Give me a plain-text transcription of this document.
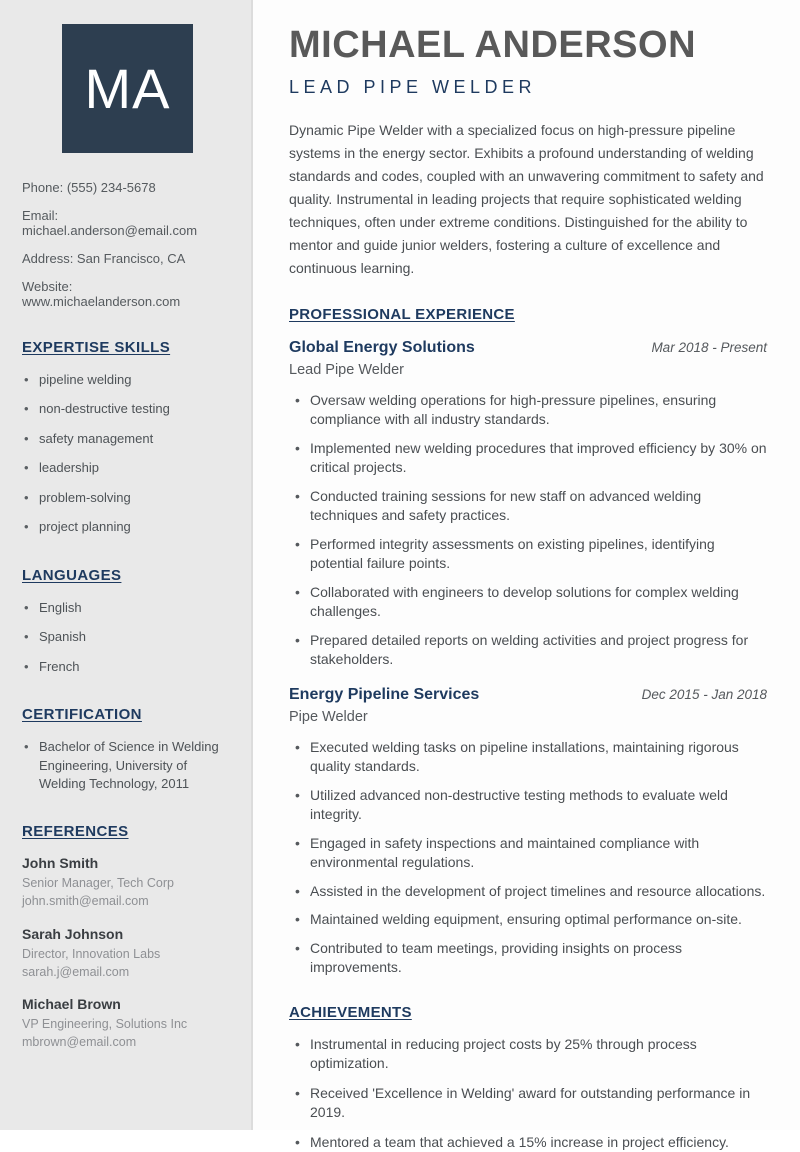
MA
Phone: (555) 234-5678
Email: michael.anderson@email.com
Address: San Francisco, CA
Website: www.michaelanderson.com
EXPERTISE SKILLS
• pipeline welding
• non-destructive testing
• safety management
• leadership
• problem-solving
• project planning
LANGUAGES
• English
• Spanish
• French
CERTIFICATION
• Bachelor of Science in Welding Engineering, University of Welding Technology, 2011
REFERENCES
John Smith
Senior Manager, Tech Corp
john.smith@email.com
Sarah Johnson
Director, Innovation Labs
sarah.j@email.com
Michael Brown
VP Engineering, Solutions Inc
mbrown@email.com
MICHAEL ANDERSON
LEAD PIPE WELDER

Dynamic Pipe Welder with a specialized focus on high-pressure pipeline systems in the energy sector. Exhibits a profound understanding of welding standards and codes, coupled with an unwavering commitment to safety and quality. Instrumental in leading projects that require sophisticated welding techniques, often under extreme conditions. Distinguished for the ability to mentor and guide junior welders, fostering a culture of excellence and continuous learning.

PROFESSIONAL EXPERIENCE
Global Energy Solutions	Mar 2018 - Present
Lead Pipe Welder
• Oversaw welding operations for high-pressure pipelines, ensuring compliance with all industry standards.
• Implemented new welding procedures that improved efficiency by 30% on critical projects.
• Conducted training sessions for new staff on advanced welding techniques and safety practices.
• Performed integrity assessments on existing pipelines, identifying potential failure points.
• Collaborated with engineers to develop solutions for complex welding challenges.
• Prepared detailed reports on welding activities and project progress for stakeholders.
Energy Pipeline Services	Dec 2015 - Jan 2018
Pipe Welder
• Executed welding tasks on pipeline installations, maintaining rigorous quality standards.
• Utilized advanced non-destructive testing methods to evaluate weld integrity.
• Engaged in safety inspections and maintained compliance with environmental regulations.
• Assisted in the development of project timelines and resource allocations.
• Maintained welding equipment, ensuring optimal performance on-site.
• Contributed to team meetings, providing insights on process improvements.
ACHIEVEMENTS
• Instrumental in reducing project costs by 25% through process optimization.
• Received 'Excellence in Welding' award for outstanding performance in 2019.
• Mentored a team that achieved a 15% increase in project efficiency.
